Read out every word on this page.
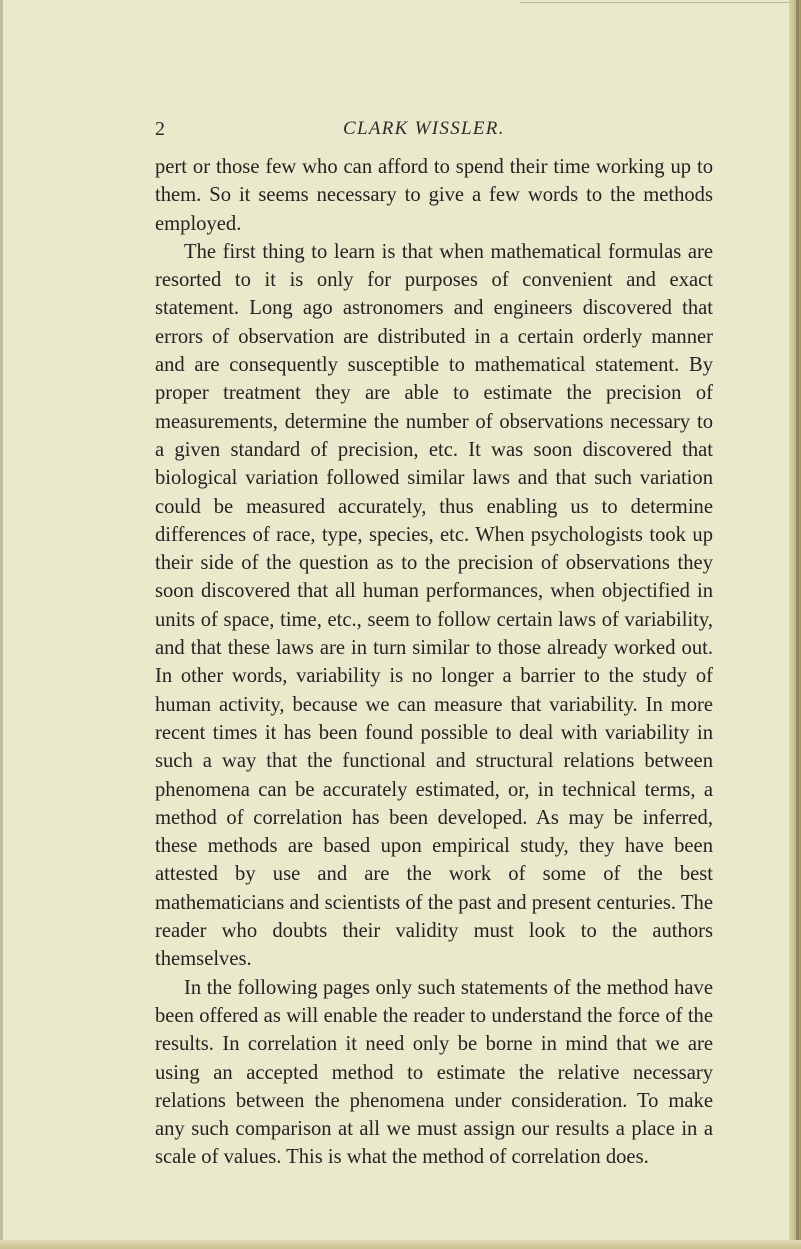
2	CLARK WISSLER.

pert or those few who can afford to spend their time working up to them. So it seems necessary to give a few words to the methods employed.

The first thing to learn is that when mathematical formulas are resorted to it is only for purposes of convenient and exact statement. Long ago astronomers and engineers discovered that errors of observation are distributed in a certain orderly manner and are consequently susceptible to mathematical statement. By proper treatment they are able to estimate the precision of measurements, determine the number of observations necessary to a given standard of precision, etc. It was soon discovered that biological variation followed similar laws and that such variation could be measured accurately, thus enabling us to determine differences of race, type, species, etc. When psychologists took up their side of the question as to the precision of observations they soon discovered that all human performances, when objectified in units of space, time, etc., seem to follow certain laws of variability, and that these laws are in turn similar to those already worked out. In other words, variability is no longer a barrier to the study of human activity, because we can measure that variability. In more recent times it has been found possible to deal with variability in such a way that the functional and structural relations between phenomena can be accurately estimated, or, in technical terms, a method of correlation has been developed. As may be inferred, these methods are based upon empirical study, they have been attested by use and are the work of some of the best mathematicians and scientists of the past and present centuries. The reader who doubts their validity must look to the authors themselves.

In the following pages only such statements of the method have been offered as will enable the reader to understand the force of the results. In correlation it need only be borne in mind that we are using an accepted method to estimate the relative necessary relations between the phenomena under consideration. To make any such comparison at all we must assign our results a place in a scale of values. This is what the method of correlation does.
